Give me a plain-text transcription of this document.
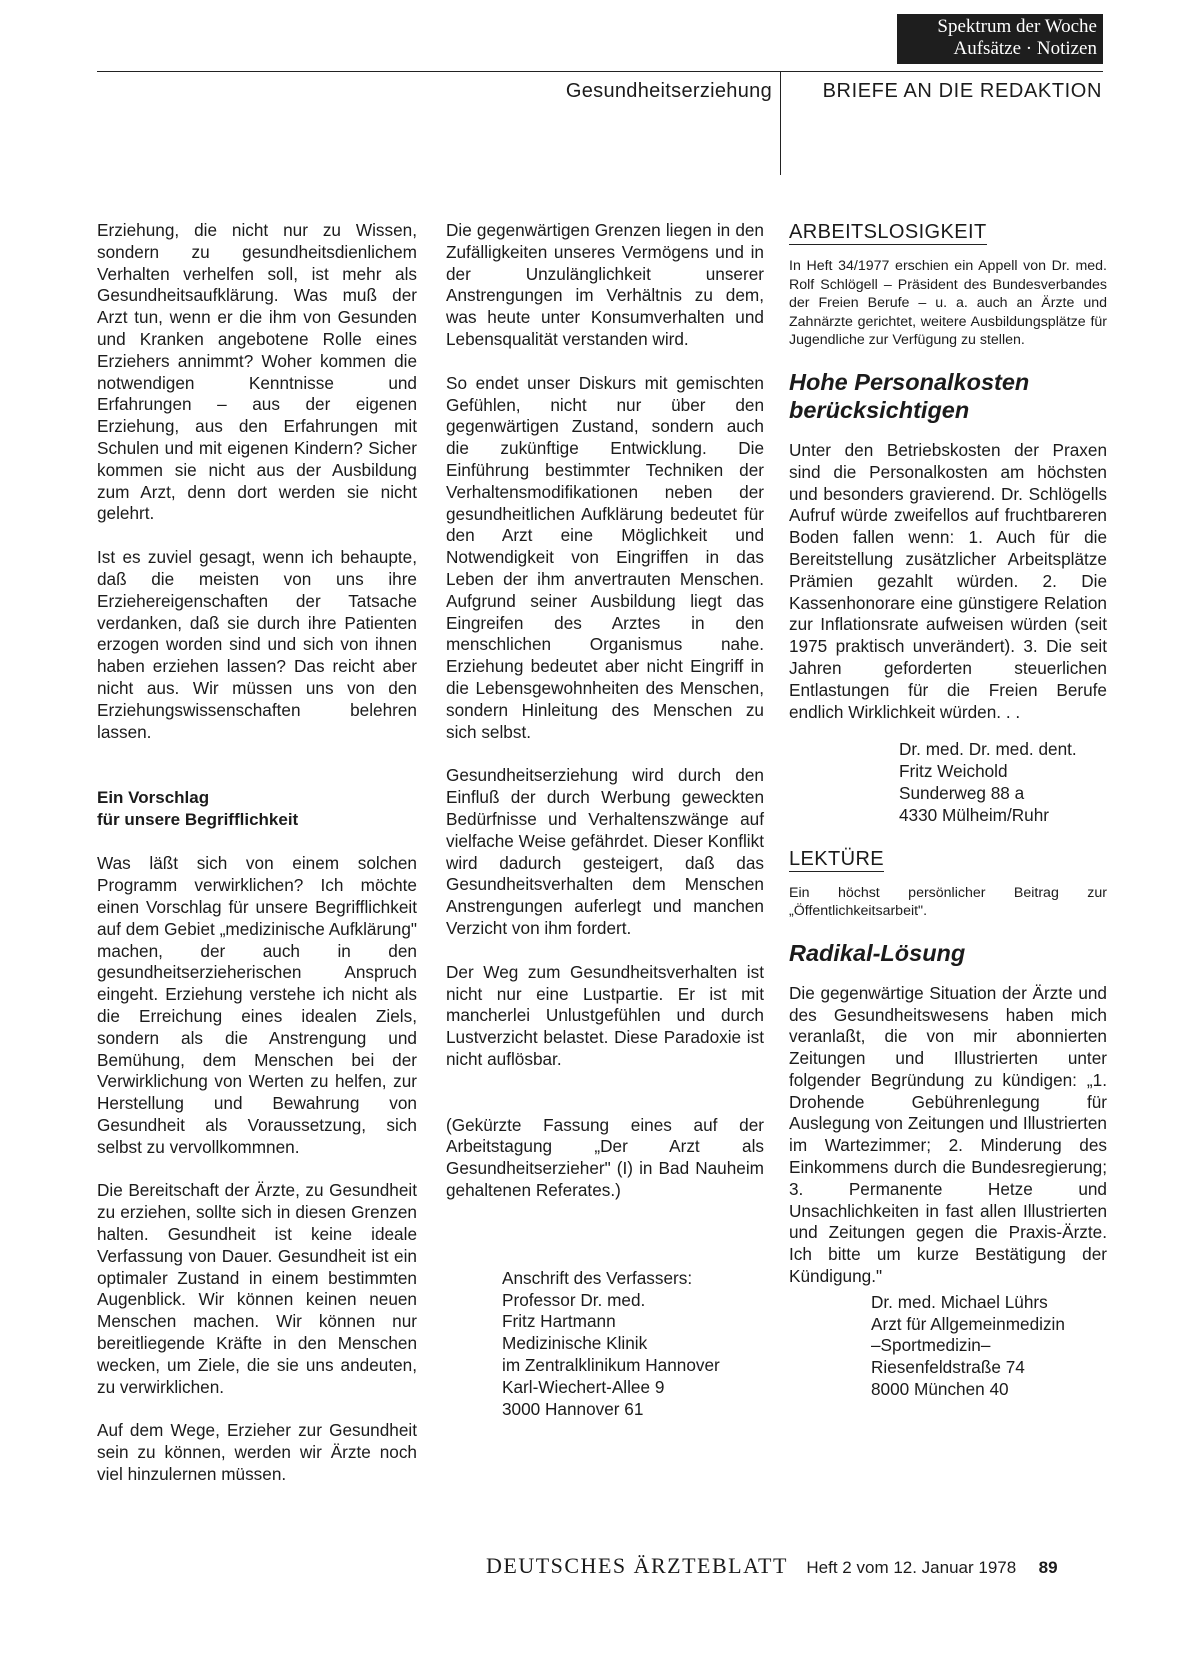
Spektrum der Woche
Aufsätze · Notizen
Gesundheitserziehung	BRIEFE AN DIE REDAKTION

Erziehung, die nicht nur zu Wissen, sondern zu gesundheitsdienlichem Verhalten verhelfen soll, ist mehr als Gesundheitsaufklärung. Was muß der Arzt tun, wenn er die ihm von Gesunden und Kranken angebotene Rolle eines Erziehers annimmt? Woher kommen die notwendigen Kenntnisse und Erfahrungen – aus der eigenen Erziehung, aus den Erfahrungen mit Schulen und mit eigenen Kindern? Sicher kommen sie nicht aus der Ausbildung zum Arzt, denn dort werden sie nicht gelehrt.

Ist es zuviel gesagt, wenn ich behaupte, daß die meisten von uns ihre Erziehereigenschaften der Tatsache verdanken, daß sie durch ihre Patienten erzogen worden sind und sich von ihnen haben erziehen lassen? Das reicht aber nicht aus. Wir müssen uns von den Erziehungswissenschaften belehren lassen.

Ein Vorschlag
für unsere Begrifflichkeit

Was läßt sich von einem solchen Programm verwirklichen? Ich möchte einen Vorschlag für unsere Begrifflichkeit auf dem Gebiet „medizinische Aufklärung" machen, der auch in den gesundheitserzieherischen Anspruch eingeht. Erziehung verstehe ich nicht als die Erreichung eines idealen Ziels, sondern als die Anstrengung und Bemühung, dem Menschen bei der Verwirklichung von Werten zu helfen, zur Herstellung und Bewahrung von Gesundheit als Voraussetzung, sich selbst zu vervollkommnen.

Die Bereitschaft der Ärzte, zu Gesundheit zu erziehen, sollte sich in diesen Grenzen halten. Gesundheit ist keine ideale Verfassung von Dauer. Gesundheit ist ein optimaler Zustand in einem bestimmten Augenblick. Wir können keinen neuen Menschen machen. Wir können nur bereitliegende Kräfte in den Menschen wecken, um Ziele, die sie uns andeuten, zu verwirklichen.

Auf dem Wege, Erzieher zur Gesundheit sein zu können, werden wir Ärzte noch viel hinzulernen müssen.

Die gegenwärtigen Grenzen liegen in den Zufälligkeiten unseres Vermögens und in der Unzulänglichkeit unserer Anstrengungen im Verhältnis zu dem, was heute unter Konsumverhalten und Lebensqualität verstanden wird.

So endet unser Diskurs mit gemischten Gefühlen, nicht nur über den gegenwärtigen Zustand, sondern auch die zukünftige Entwicklung. Die Einführung bestimmter Techniken der Verhaltensmodifikationen neben der gesundheitlichen Aufklärung bedeutet für den Arzt eine Möglichkeit und Notwendigkeit von Eingriffen in das Leben der ihm anvertrauten Menschen. Aufgrund seiner Ausbildung liegt das Eingreifen des Arztes in den menschlichen Organismus nahe. Erziehung bedeutet aber nicht Eingriff in die Lebensgewohnheiten des Menschen, sondern Hinleitung des Menschen zu sich selbst.

Gesundheitserziehung wird durch den Einfluß der durch Werbung geweckten Bedürfnisse und Verhaltenszwänge auf vielfache Weise gefährdet. Dieser Konflikt wird dadurch gesteigert, daß das Gesundheitsverhalten dem Menschen Anstrengungen auferlegt und manchen Verzicht von ihm fordert.

Der Weg zum Gesundheitsverhalten ist nicht nur eine Lustpartie. Er ist mit mancherlei Unlustgefühlen und durch Lustverzicht belastet. Diese Paradoxie ist nicht auflösbar.

(Gekürzte Fassung eines auf der Arbeitstagung „Der Arzt als Gesundheitserzieher" (I) in Bad Nauheim gehaltenen Referates.)

Anschrift des Verfassers:
Professor Dr. med.
Fritz Hartmann
Medizinische Klinik
im Zentralklinikum Hannover
Karl-Wiechert-Allee 9
3000 Hannover 61
ARBEITSLOSIGKEIT

In Heft 34/1977 erschien ein Appell von Dr. med. Rolf Schlögell – Präsident des Bundesverbandes der Freien Berufe – u. a. auch an Ärzte und Zahnärzte gerichtet, weitere Ausbildungsplätze für Jugendliche zur Verfügung zu stellen.

Hohe Personalkosten berücksichtigen

Unter den Betriebskosten der Praxen sind die Personalkosten am höchsten und besonders gravierend. Dr. Schlögells Aufruf würde zweifellos auf fruchtbareren Boden fallen wenn: 1. Auch für die Bereitstellung zusätzlicher Arbeitsplätze Prämien gezahlt würden. 2. Die Kassenhonorare eine günstigere Relation zur Inflationsrate aufweisen würden (seit 1975 praktisch unverändert). 3. Die seit Jahren geforderten steuerlichen Entlastungen für die Freien Berufe endlich Wirklichkeit würden. . .

Dr. med. Dr. med. dent.
Fritz Weichold
Sunderweg 88 a
4330 Mülheim/Ruhr
LEKTÜRE

Ein höchst persönlicher Beitrag zur „Öffentlichkeitsarbeit".

Radikal-Lösung

Die gegenwärtige Situation der Ärzte und des Gesundheitswesens haben mich veranlaßt, die von mir abonnierten Zeitungen und Illustrierten unter folgender Begründung zu kündigen: „1. Drohende Gebührenlegung für Auslegung von Zeitungen und Illustrierten im Wartezimmer; 2. Minderung des Einkommens durch die Bundesregierung; 3. Permanente Hetze und Unsachlichkeiten in fast allen Illustrierten und Zeitungen gegen die Praxis-Ärzte. Ich bitte um kurze Bestätigung der Kündigung."

Dr. med. Michael Lührs
Arzt für Allgemeinmedizin
–Sportmedizin–
Riesenfeldstraße 74
8000 München 40
DEUTSCHES ÄRZTEBLATT Heft 2 vom 12. Januar 1978 89
